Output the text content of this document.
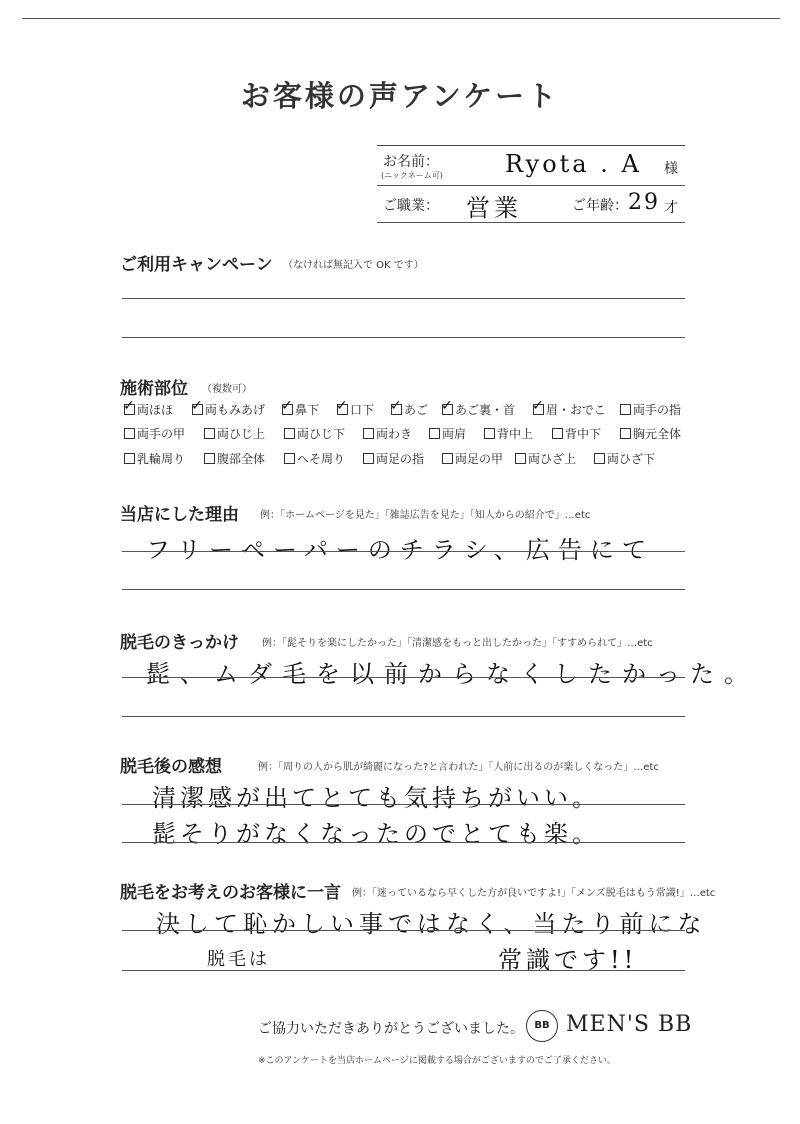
お客様の声アンケート
お名前：
(ニックネーム可)	Ryota . A 様
ご職業： 営業	ご年齢： 29 才
ご利用キャンペーン （なければ無記入で OK です）
施術部位 （複数可）
✓両ほほ ✓	両もみあげ ✓	鼻下 ✓	口下 ✓	あご ✓	あご裏・首 ✓	眉・おでこ	両手の指
両手の甲	両ひじ上	両ひじ下	両わき	両肩	背中上	背中下	胸元全体
乳輪周り	腹部全体	へそ周り	両足の指	両足の甲	両ひざ上	両ひざ下
当店にした理由 例：「ホームページを見た」「雑誌広告を見た」「知人からの紹介で」…etc
フリーペーパーのチラシ、広告にて
脱毛のきっかけ 例：「髭そりを楽にしたかった」「清潔感をもっと出したかった」「すすめられて」…etc
髭、ムダ毛を以前からなくしたかった。
脱毛後の感想	例：「周りの人から肌が綺麗になった?と言われた」「人前に出るのが楽しくなった」…etc
清潔感が出てとても気持ちがいい。
髭そりがなくなったのでとても楽。
脱毛をお考えのお客様に一言 例：「迷っているなら早くした方が良いですよ!」「メンズ脱毛はもう常識!」…etc
決して恥かしい事ではなく、当たり前にな
脱毛は	常識です!!
ご協力いただきありがとうございました。	BB MEN'S BB
※このアンケートを当店ホームページに掲載する場合がございますのでご了承ください。
